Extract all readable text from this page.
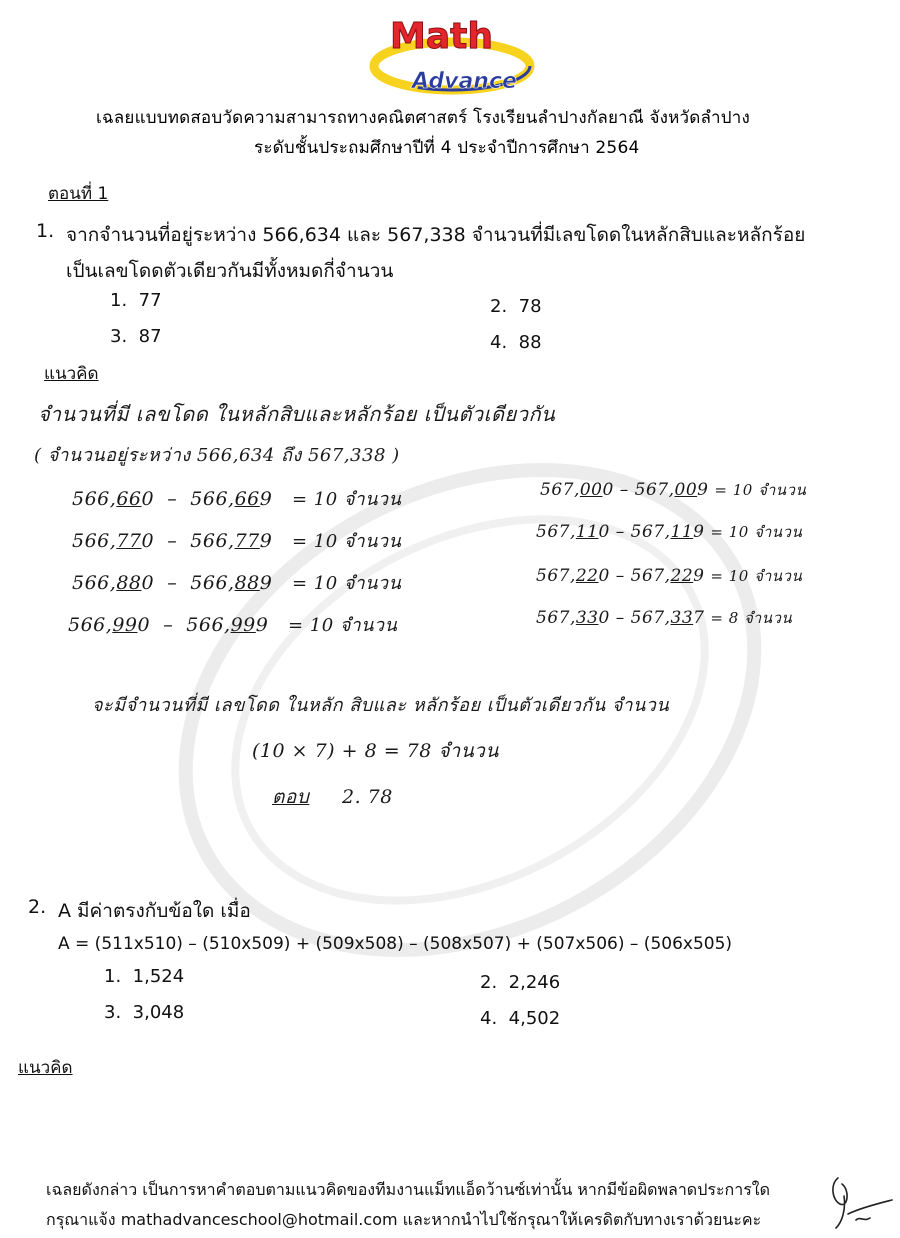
Math
Advance
เฉลยแบบทดสอบวัดความสามารถทางคณิตศาสตร์ โรงเรียนลำปางกัลยาณี จังหวัดลำปาง
ระดับชั้นประถมศึกษาปีที่ 4 ประจำปีการศึกษา 2564
ตอนที่ 1
1. จากจำนวนที่อยู่ระหว่าง 566,634 และ 567,338 จำนวนที่มีเลขโดดในหลักสิบและหลักร้อย
เป็นเลขโดดตัวเดียวกันมีทั้งหมดกี่จำนวน
1. 77	2. 78
3. 87	4. 88
แนวคิด
จำนวนที่มี เลขโดด ในหลักสิบและหลักร้อย เป็นตัวเดียวกัน
( จำนวนอยู่ระหว่าง 566,634 ถึง 567,338 )
566,660 – 566,669 = 10 จำนวน
566,770 – 566,779 = 10 จำนวน
566,880 – 566,889 = 10 จำนวน
566,990 – 566,999 = 10 จำนวน
567,000 – 567,009 = 10 จำนวน
567,110 – 567,119 = 10 จำนวน
567,220 – 567,229 = 10 จำนวน
567,330 – 567,337 = 8 จำนวน
จะมีจำนวนที่มี เลขโดด ในหลัก สิบและ หลักร้อย เป็นตัวเดียวกัน จำนวน
(10 × 7) + 8 = 78 จำนวน
ตอบ 2. 78
2. A มีค่าตรงกับข้อใด เมื่อ
A = (511x510) – (510x509) + (509x508) – (508x507) + (507x506) – (506x505)
1. 1,524	2. 2,246
3. 3,048	4. 4,502
แนวคิด
เฉลยดังกล่าว เป็นการหาคำตอบตามแนวคิดของทีมงานแม็ทแอ็ดว้านซ์เท่านั้น หากมีข้อผิดพลาดประการใด
กรุณาแจ้ง mathadvanceschool@hotmail.com และหากนำไปใช้กรุณาให้เครดิตกับทางเราด้วยนะคะ
